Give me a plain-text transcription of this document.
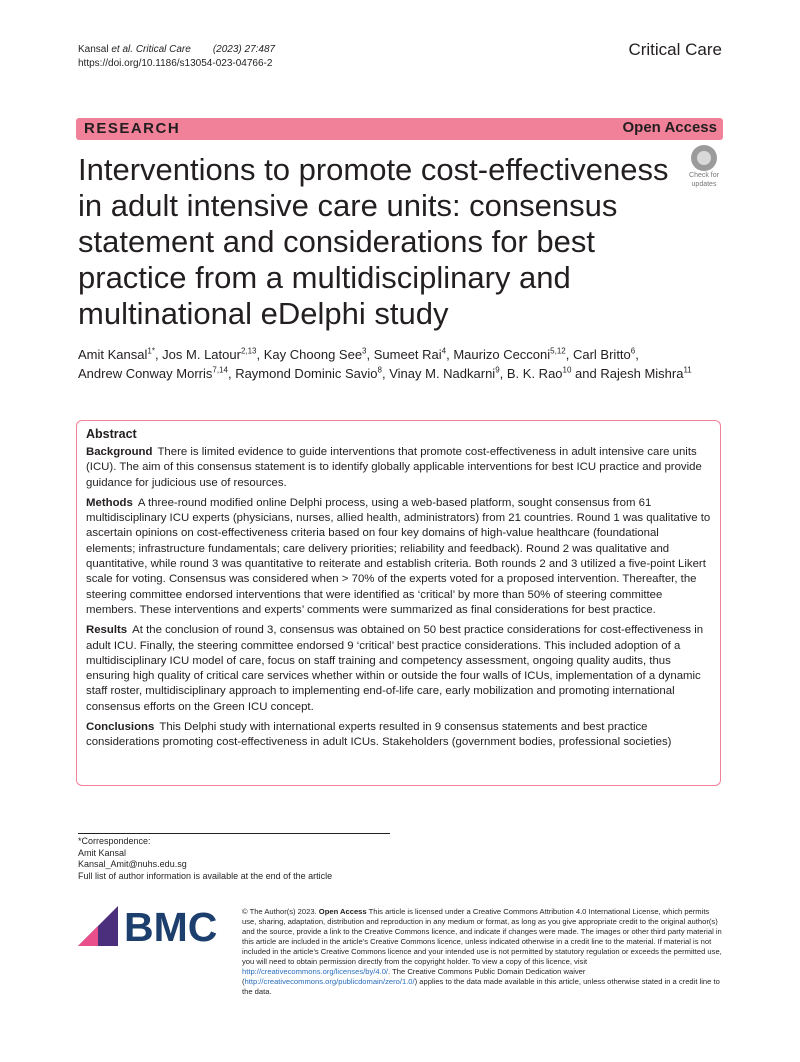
Kansal et al. Critical Care (2023) 27:487
https://doi.org/10.1186/s13054-023-04766-2
Critical Care
RESEARCH	Open Access
Interventions to promote cost-effectiveness in adult intensive care units: consensus statement and considerations for best practice from a multidisciplinary and multinational eDelphi study
Check for
updates
Amit Kansal$^{1*}$, Jos M. Latour$^{2,13}$, Kay Choong See$^3$, Sumeet Rai$^4$, Maurizo Cecconi$^{5,12}$, Carl Britto$^6$,
Andrew Conway Morris$^{7,14}$, Raymond Dominic Savio$^8$, Vinay M. Nadkarni$^9$, B. K. Rao$^{10}$ and Rajesh Mishra$^{11}$
Abstract

Background There is limited evidence to guide interventions that promote cost-effectiveness in adult intensive care units (ICU). The aim of this consensus statement is to identify globally applicable interventions for best ICU practice and provide guidance for judicious use of resources.

Methods A three-round modified online Delphi process, using a web-based platform, sought consensus from 61 multidisciplinary ICU experts (physicians, nurses, allied health, administrators) from 21 countries. Round 1 was qualitative to ascertain opinions on cost-effectiveness criteria based on four key domains of high-value healthcare (foundational elements; infrastructure fundamentals; care delivery priorities; reliability and feedback). Round 2 was qualitative and quantitative, while round 3 was quantitative to reiterate and establish criteria. Both rounds 2 and 3 utilized a five-point Likert scale for voting. Consensus was considered when > 70% of the experts voted for a proposed intervention. Thereafter, the steering committee endorsed interventions that were identified as ‘critical’ by more than 50% of steering committee members. These interventions and experts’ comments were summarized as final considerations for best practice.

Results At the conclusion of round 3, consensus was obtained on 50 best practice considerations for cost-effectiveness in adult ICU. Finally, the steering committee endorsed 9 ‘critical’ best practice considerations. This included adoption of a multidisciplinary ICU model of care, focus on staff training and competency assessment, ongoing quality audits, thus ensuring high quality of critical care services whether within or outside the four walls of ICUs, implementation of a dynamic staff roster, multidisciplinary approach to implementing end-of-life care, early mobilization and promoting international consensus efforts on the Green ICU concept.

Conclusions This Delphi study with international experts resulted in 9 consensus statements and best practice considerations promoting cost-effectiveness in adult ICUs. Stakeholders (government bodies, professional societies)

*Correspondence:
Amit Kansal
Kansal_Amit@nuhs.edu.sg
Full list of author information is available at the end of the article
BMC	© The Author(s) 2023. Open Access This article is licensed under a Creative Commons Attribution 4.0 International License, which permits use, sharing, adaptation, distribution and reproduction in any medium or format, as long as you give appropriate credit to the original author(s) and the source, provide a link to the Creative Commons licence, and indicate if changes were made. The images or other third party material in this article are included in the article’s Creative Commons licence, unless indicated otherwise in a credit line to the material. If material is not included in the article’s Creative Commons licence and your intended use is not permitted by statutory regulation or exceeds the permitted use, you will need to obtain permission directly from the copyright holder. To view a copy of this licence, visit http://creativecommons.org/licenses/by/4.0/. The Creative Commons Public Domain Dedication waiver (http://creativecommons.org/publicdomain/zero/1.0/) applies to the data made available in this article, unless otherwise stated in a credit line to the data.
